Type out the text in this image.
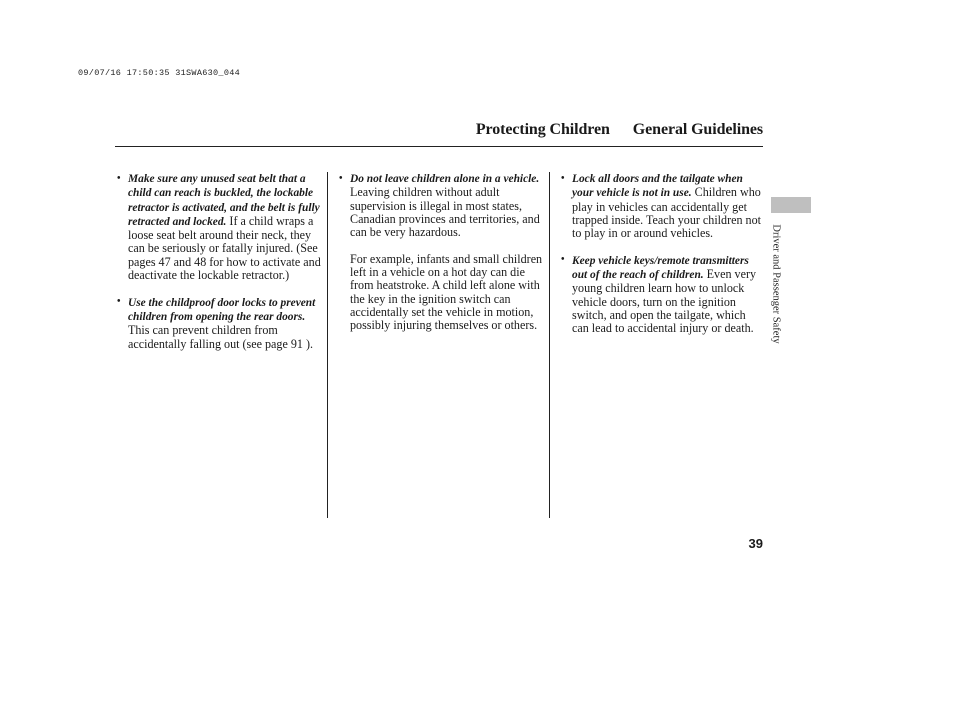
09/07/16 17:50:35 31SWA630_044
Protecting Children General Guidelines
• Make sure any unused seat belt that a child can reach is buckled, the lockable retractor is activated, and the belt is fully retracted and locked. If a child wraps a loose seat belt around their neck, they can be seriously or fatally injured. (See pages 47 and 48 for how to activate and deactivate the lockable retractor.)

• Use the childproof door locks to prevent children from opening the rear doors. This can prevent children from accidentally falling out (see page 91 ).

• Do not leave children alone in a vehicle. Leaving children without adult supervision is illegal in most states, Canadian provinces and territories, and can be very hazardous.

For example, infants and small children left in a vehicle on a hot day can die from heatstroke. A child left alone with the key in the ignition switch can accidentally set the vehicle in motion, possibly injuring themselves or others.

• Lock all doors and the tailgate when your vehicle is not in use. Children who play in vehicles can accidentally get trapped inside. Teach your children not to play in or around vehicles.

• Keep vehicle keys/remote transmitters out of the reach of children. Even very young children learn how to unlock vehicle doors, turn on the ignition switch, and open the tailgate, which can lead to accidental injury or death.	Driver and Passenger Safety
39
